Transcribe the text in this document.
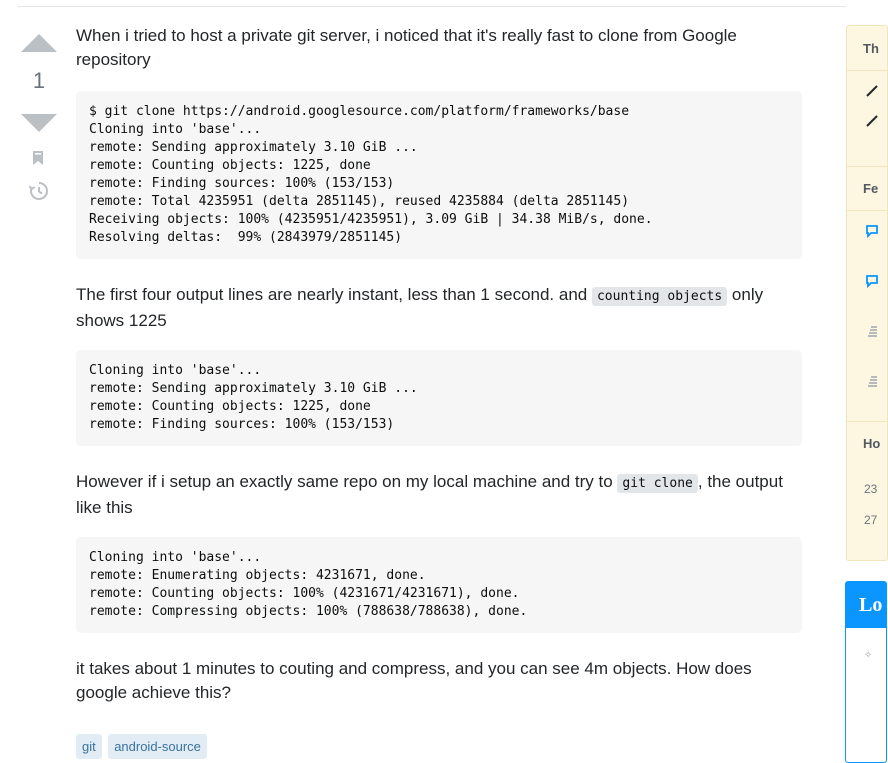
1

When i tried to host a private git server, i noticed that it's really fast to clone from Google repository

$ git clone https://android.googlesource.com/platform/frameworks/base
Cloning into 'base'...
remote: Sending approximately 3.10 GiB ...
remote: Counting objects: 1225, done
remote: Finding sources: 100% (153/153)
remote: Total 4235951 (delta 2851145), reused 4235884 (delta 2851145)
Receiving objects: 100% (4235951/4235951), 3.09 GiB | 34.38 MiB/s, done.
Resolving deltas:  99% (2843979/2851145)

The first four output lines are nearly instant, less than 1 second. and counting objects only shows 1225

Cloning into 'base'...
remote: Sending approximately 3.10 GiB ...
remote: Counting objects: 1225, done
remote: Finding sources: 100% (153/153)

However if i setup an exactly same repo on my local machine and try to git clone , the output like this

Cloning into 'base'...
remote: Enumerating objects: 4231671, done.
remote: Counting objects: 100% (4231671/4231671), done.
remote: Compressing objects: 100% (788638/788638), done.

it takes about 1 minutes to couting and compress, and you can see 4m objects. How does google achieve this?

git android-source
Th
Fe
Ho
23
27
Lo
✧
